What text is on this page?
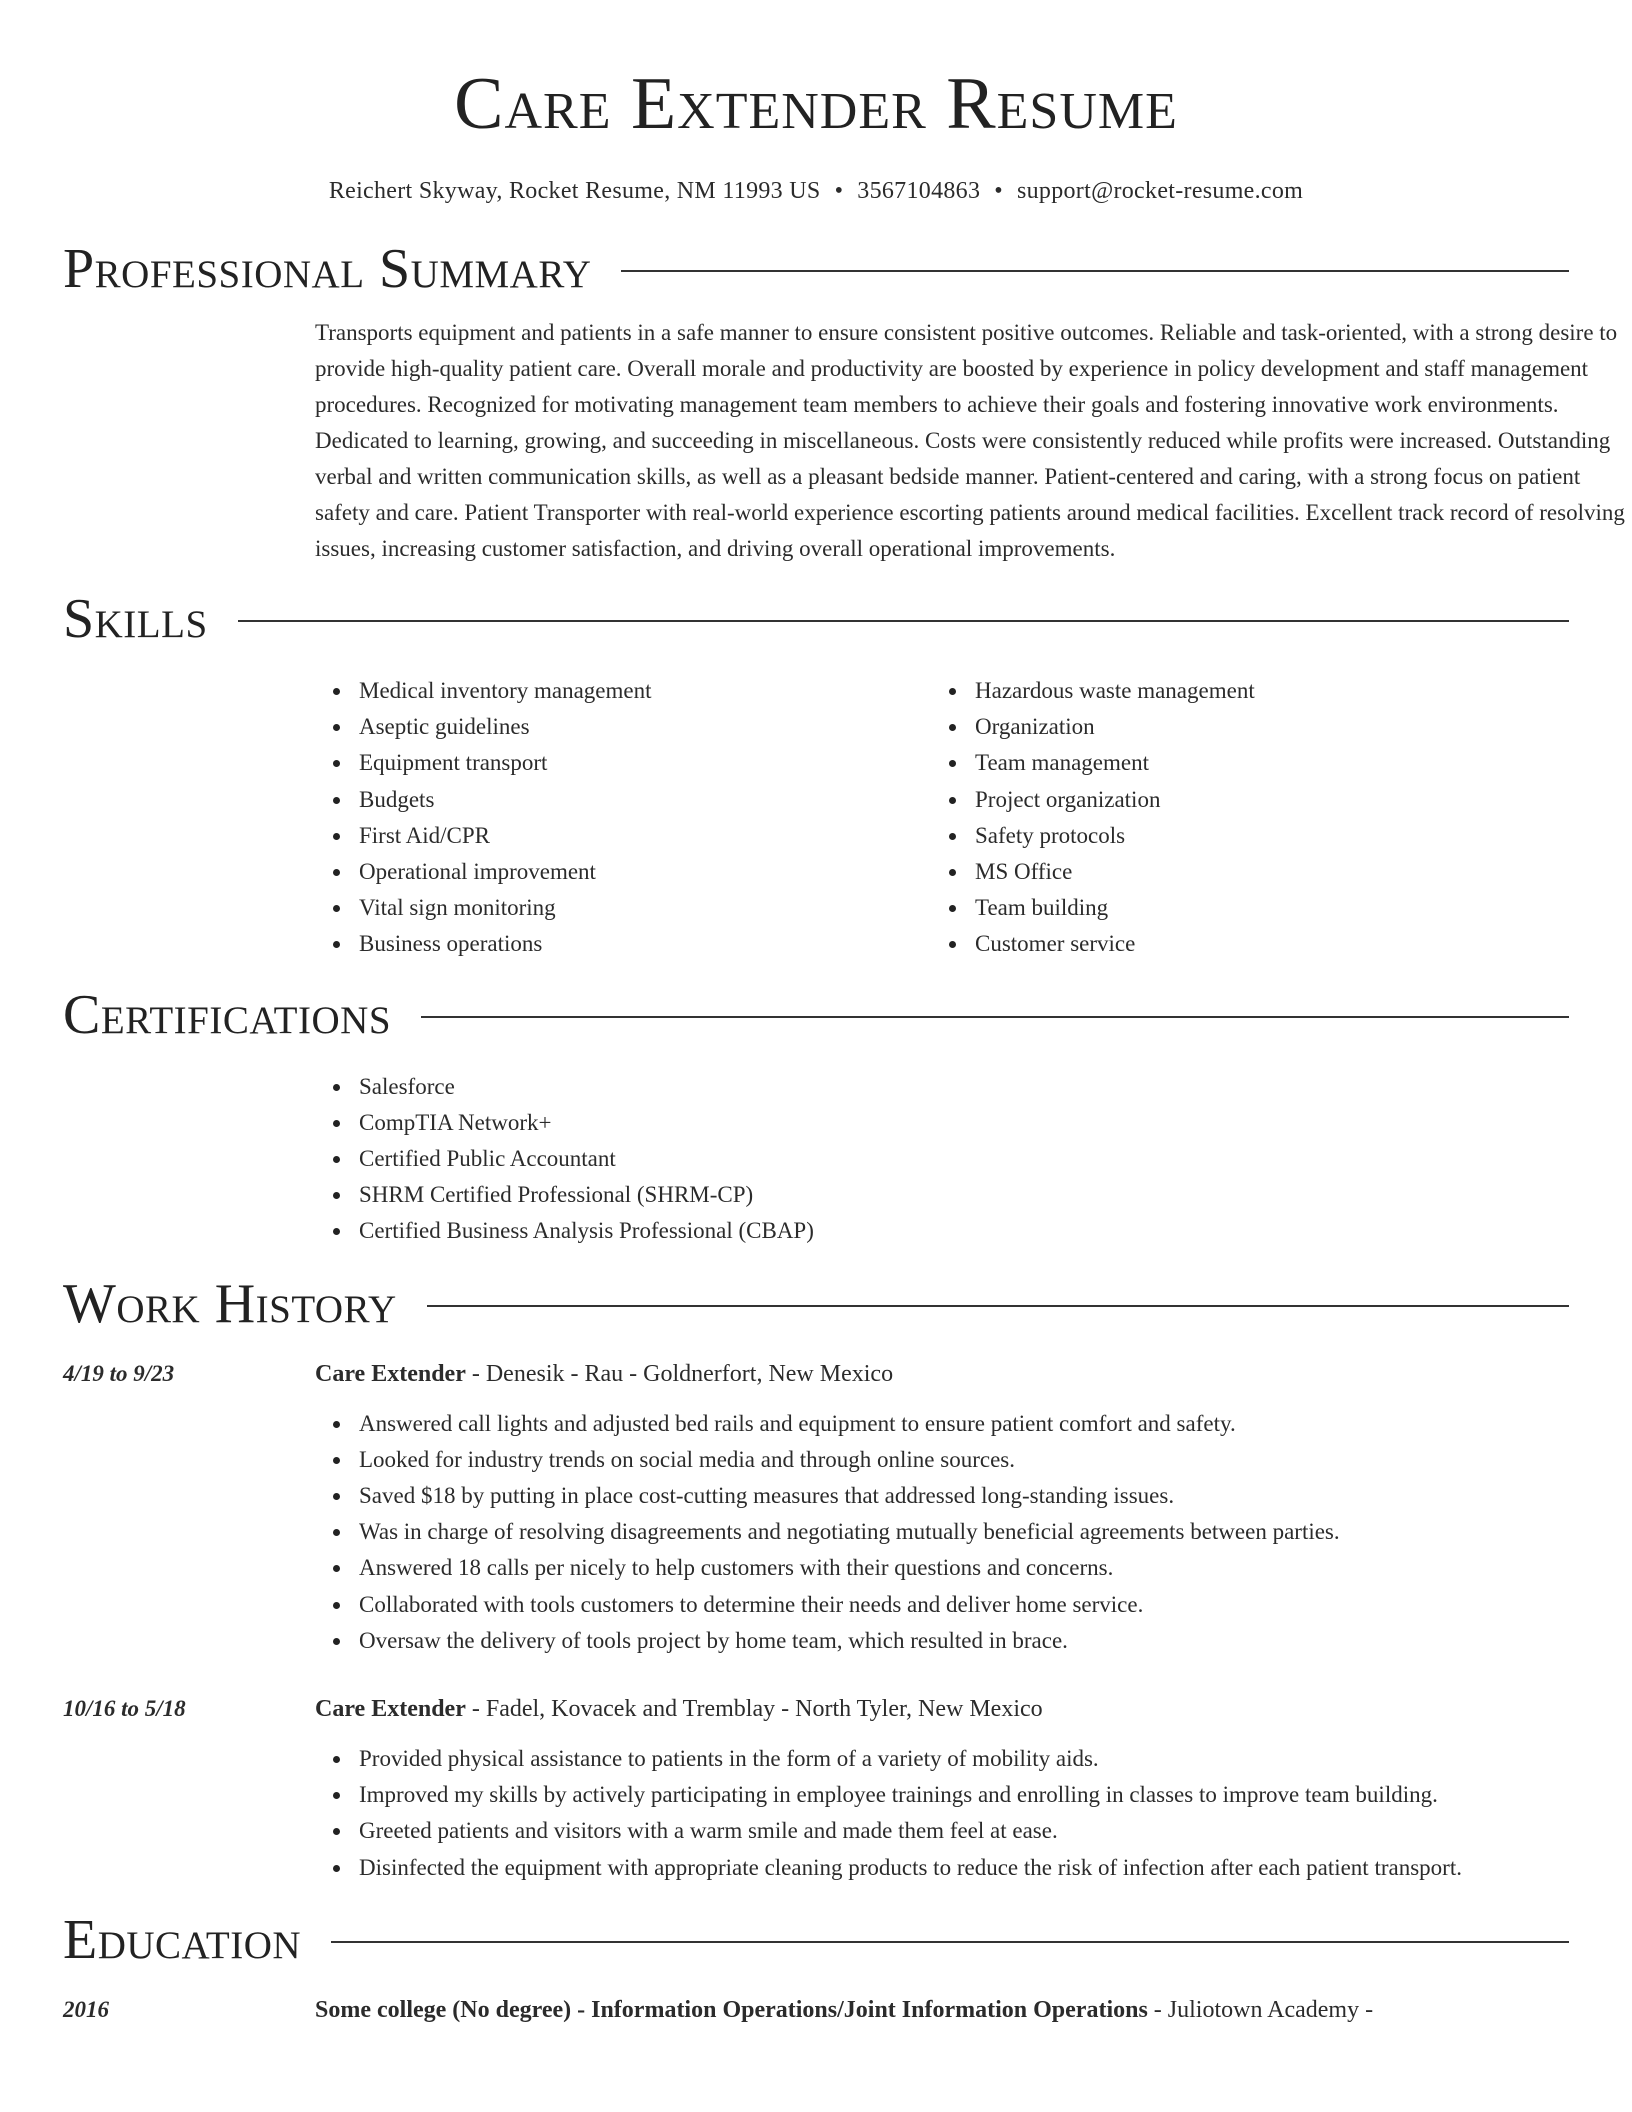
Care Extender Resume
Reichert Skyway, Rocket Resume, NM 11993 US • 3567104863 • support@rocket-resume.com
Professional Summary

Transports equipment and patients in a safe manner to ensure consistent positive outcomes. Reliable and task-oriented, with a strong desire to provide high-quality patient care. Overall morale and productivity are boosted by experience in policy development and staff management procedures. Recognized for motivating management team members to achieve their goals and fostering innovative work environments. Dedicated to learning, growing, and succeeding in miscellaneous. Costs were consistently reduced while profits were increased. Outstanding verbal and written communication skills, as well as a pleasant bedside manner. Patient-centered and caring, with a strong focus on patient safety and care. Patient Transporter with real-world experience escorting patients around medical facilities. Excellent track record of resolving issues, increasing customer satisfaction, and driving overall operational improvements.

Skills
Medical inventory management
Aseptic guidelines
Equipment transport
Budgets
First Aid/CPR
Operational improvement
Vital sign monitoring
Business operations
Hazardous waste management
Organization
Team management
Project organization
Safety protocols
MS Office
Team building
Customer service
Certifications
Salesforce
CompTIA Network+
Certified Public Accountant
SHRM Certified Professional (SHRM-CP)
Certified Business Analysis Professional (CBAP)
Work History
4/19 to 9/23	Care Extender - Denesik - Rau - Goldnerfort, New Mexico
Answered call lights and adjusted bed rails and equipment to ensure patient comfort and safety.
Looked for industry trends on social media and through online sources.
Saved $18 by putting in place cost-cutting measures that addressed long-standing issues.
Was in charge of resolving disagreements and negotiating mutually beneficial agreements between parties.
Answered 18 calls per nicely to help customers with their questions and concerns.
Collaborated with tools customers to determine their needs and deliver home service.
Oversaw the delivery of tools project by home team, which resulted in brace.
10/16 to 5/18	Care Extender - Fadel, Kovacek and Tremblay - North Tyler, New Mexico
Provided physical assistance to patients in the form of a variety of mobility aids.
Improved my skills by actively participating in employee trainings and enrolling in classes to improve team building.
Greeted patients and visitors with a warm smile and made them feel at ease.
Disinfected the equipment with appropriate cleaning products to reduce the risk of infection after each patient transport.
Education
2016	Some college (No degree) - Information Operations/Joint Information Operations - Juliotown Academy -
